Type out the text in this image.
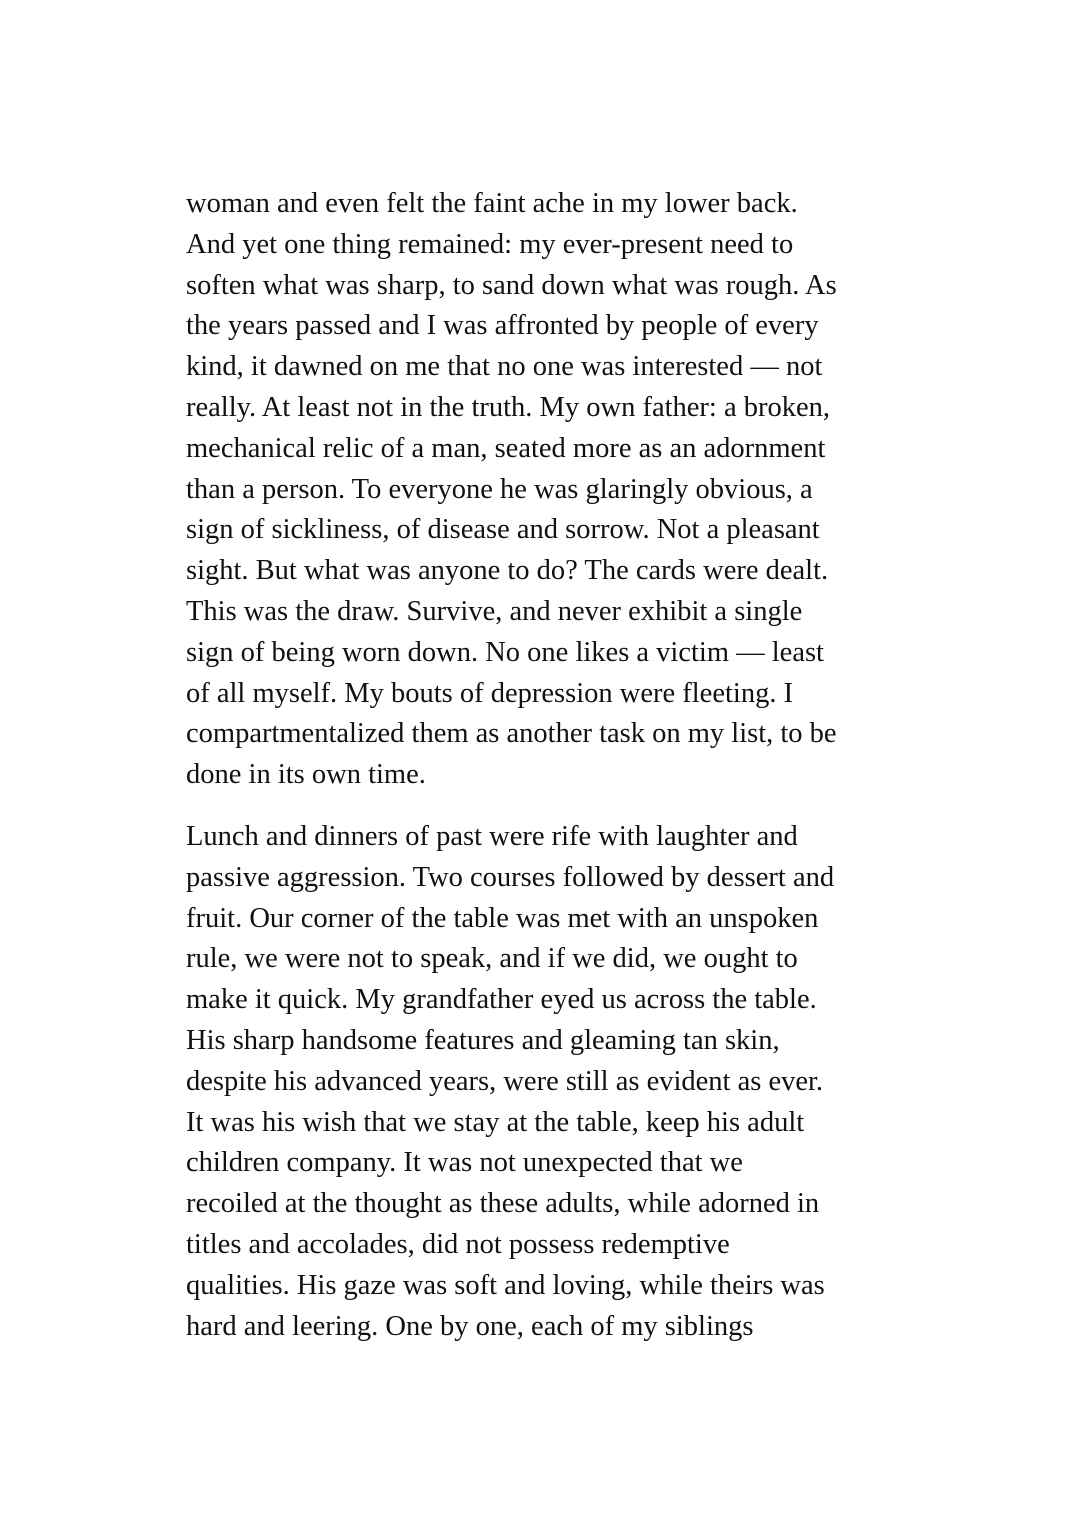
woman and even felt the faint ache in my lower back.
And yet one thing remained: my ever-present need to
soften what was sharp, to sand down what was rough. As
the years passed and I was affronted by people of every
kind, it dawned on me that no one was interested — not
really. At least not in the truth. My own father: a broken,
mechanical relic of a man, seated more as an adornment
than a person. To everyone he was glaringly obvious, a
sign of sickliness, of disease and sorrow. Not a pleasant
sight. But what was anyone to do? The cards were dealt.
This was the draw. Survive, and never exhibit a single
sign of being worn down. No one likes a victim — least
of all myself. My bouts of depression were fleeting. I
compartmentalized them as another task on my list, to be
done in its own time.
Lunch and dinners of past were rife with laughter and
passive aggression. Two courses followed by dessert and
fruit. Our corner of the table was met with an unspoken
rule, we were not to speak, and if we did, we ought to
make it quick. My grandfather eyed us across the table.
His sharp handsome features and gleaming tan skin,
despite his advanced years, were still as evident as ever.
It was his wish that we stay at the table, keep his adult
children company. It was not unexpected that we
recoiled at the thought as these adults, while adorned in
titles and accolades, did not possess redemptive
qualities. His gaze was soft and loving, while theirs was
hard and leering. One by one, each of my siblings
